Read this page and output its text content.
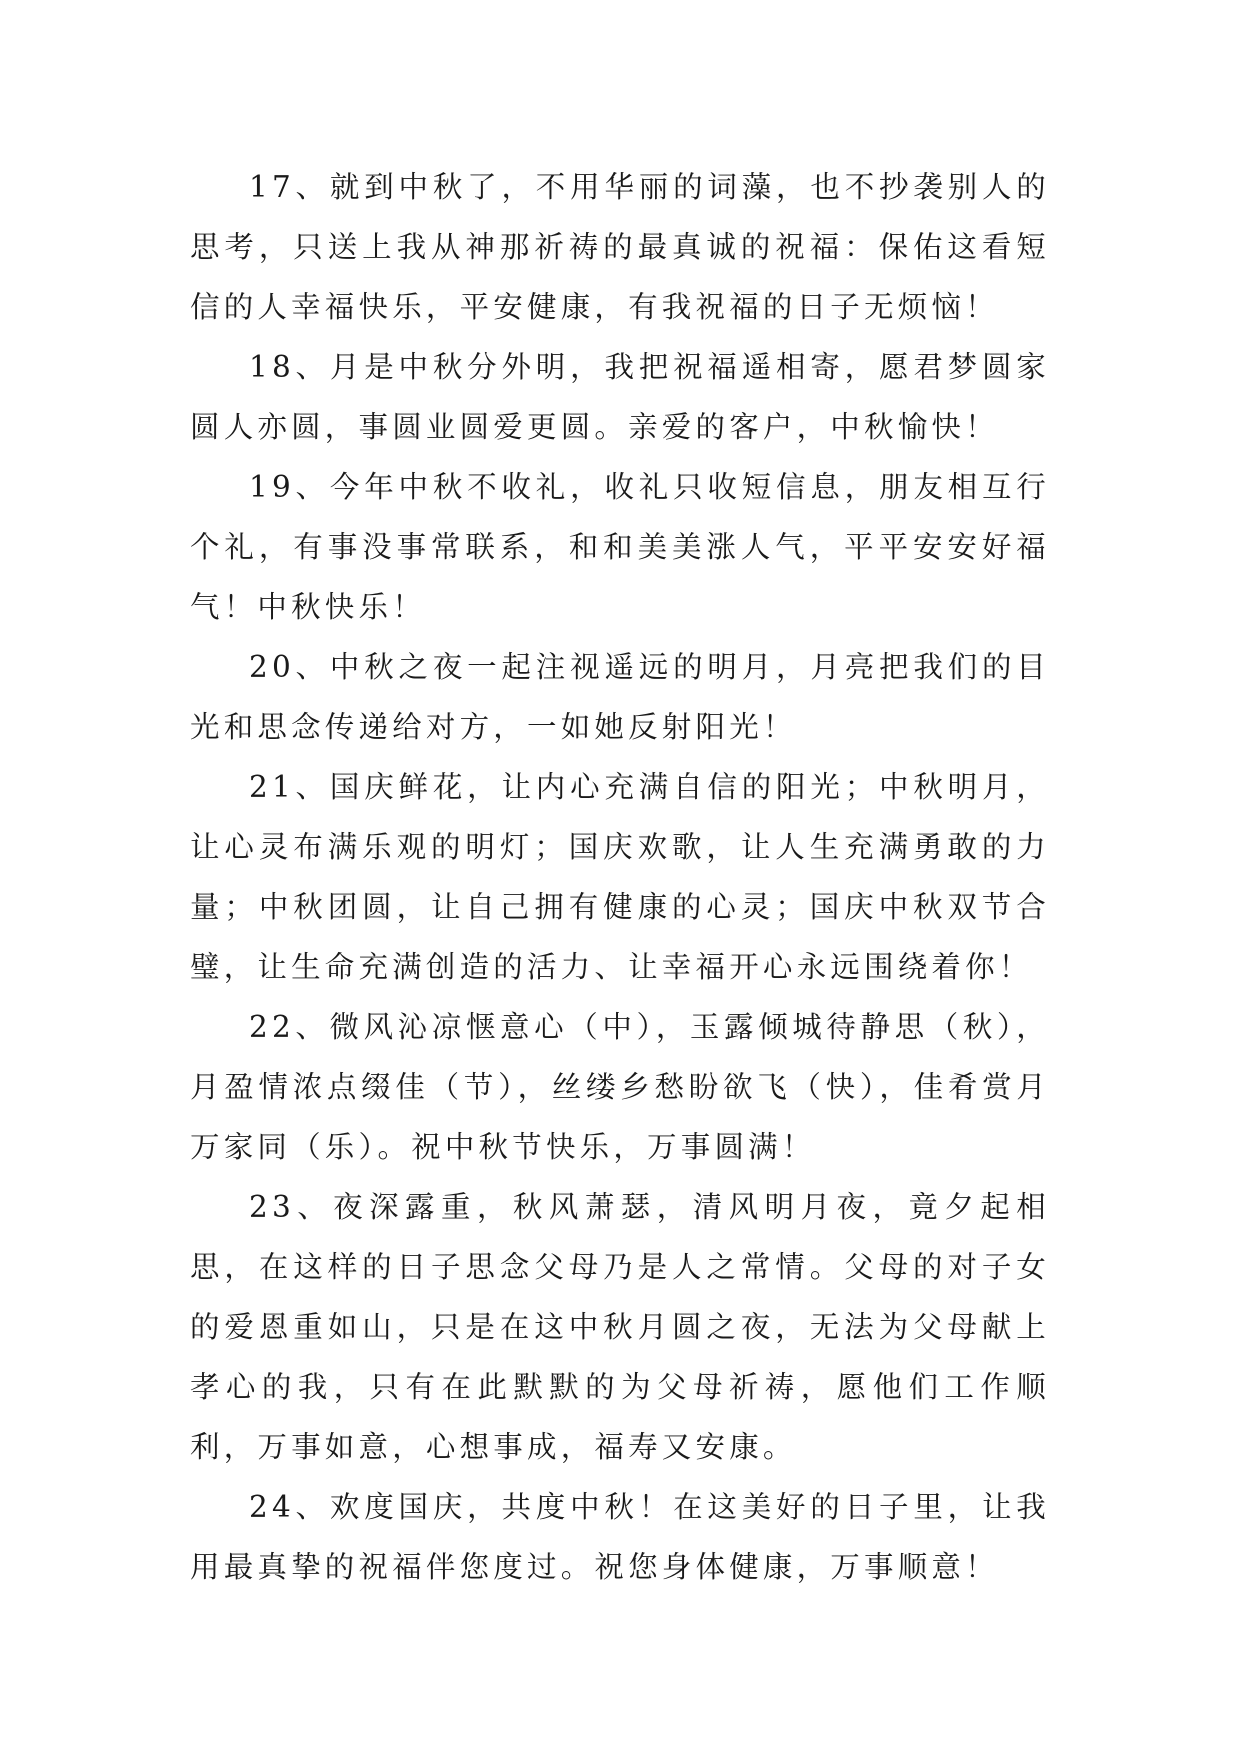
17、就到中秋了，不用华丽的词藻，也不抄袭别人的思考，只送上我从神那祈祷的最真诚的祝福：保佑这看短信的人幸福快乐，平安健康，有我祝福的日子无烦恼！

18、月是中秋分外明，我把祝福遥相寄，愿君梦圆家圆人亦圆，事圆业圆爱更圆。亲爱的客户，中秋愉快！

19、今年中秋不收礼，收礼只收短信息，朋友相互行个礼，有事没事常联系，和和美美涨人气，平平安安好福气！中秋快乐！

20、中秋之夜一起注视遥远的明月，月亮把我们的目光和思念传递给对方，一如她反射阳光！

21、国庆鲜花，让内心充满自信的阳光；中秋明月，让心灵布满乐观的明灯；国庆欢歌，让人生充满勇敢的力量；中秋团圆，让自己拥有健康的心灵；国庆中秋双节合璧，让生命充满创造的活力、让幸福开心永远围绕着你！

22、微风沁凉惬意心（中），玉露倾城待静思（秋），月盈情浓点缀佳（节），丝缕乡愁盼欲飞（快），佳肴赏月万家同（乐）。祝中秋节快乐，万事圆满！

23、夜深露重，秋风萧瑟，清风明月夜，竟夕起相思，在这样的日子思念父母乃是人之常情。父母的对子女的爱恩重如山，只是在这中秋月圆之夜，无法为父母献上孝心的我，只有在此默默的为父母祈祷，愿他们工作顺利，万事如意，心想事成，福寿又安康。

24、欢度国庆，共度中秋！在这美好的日子里，让我用最真挚的祝福伴您度过。祝您身体健康，万事顺意！
